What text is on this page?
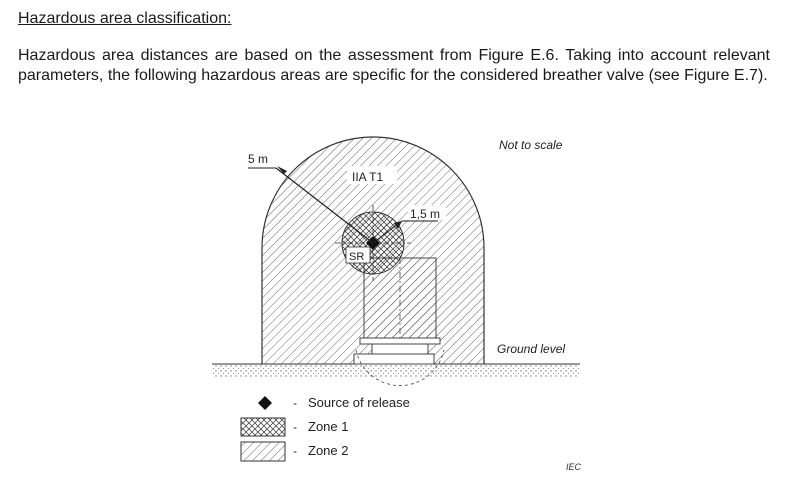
Hazardous area classification:

Hazardous area distances are based on the assessment from Figure E.6. Taking into account relevant parameters, the following hazardous areas are specific for the considered breather valve (see Figure E.7).

Not to scale
5 m
IIA T1
1,5 m
SR
Ground level
- Source of release
- Zone 1
- Zone 2
IEC
